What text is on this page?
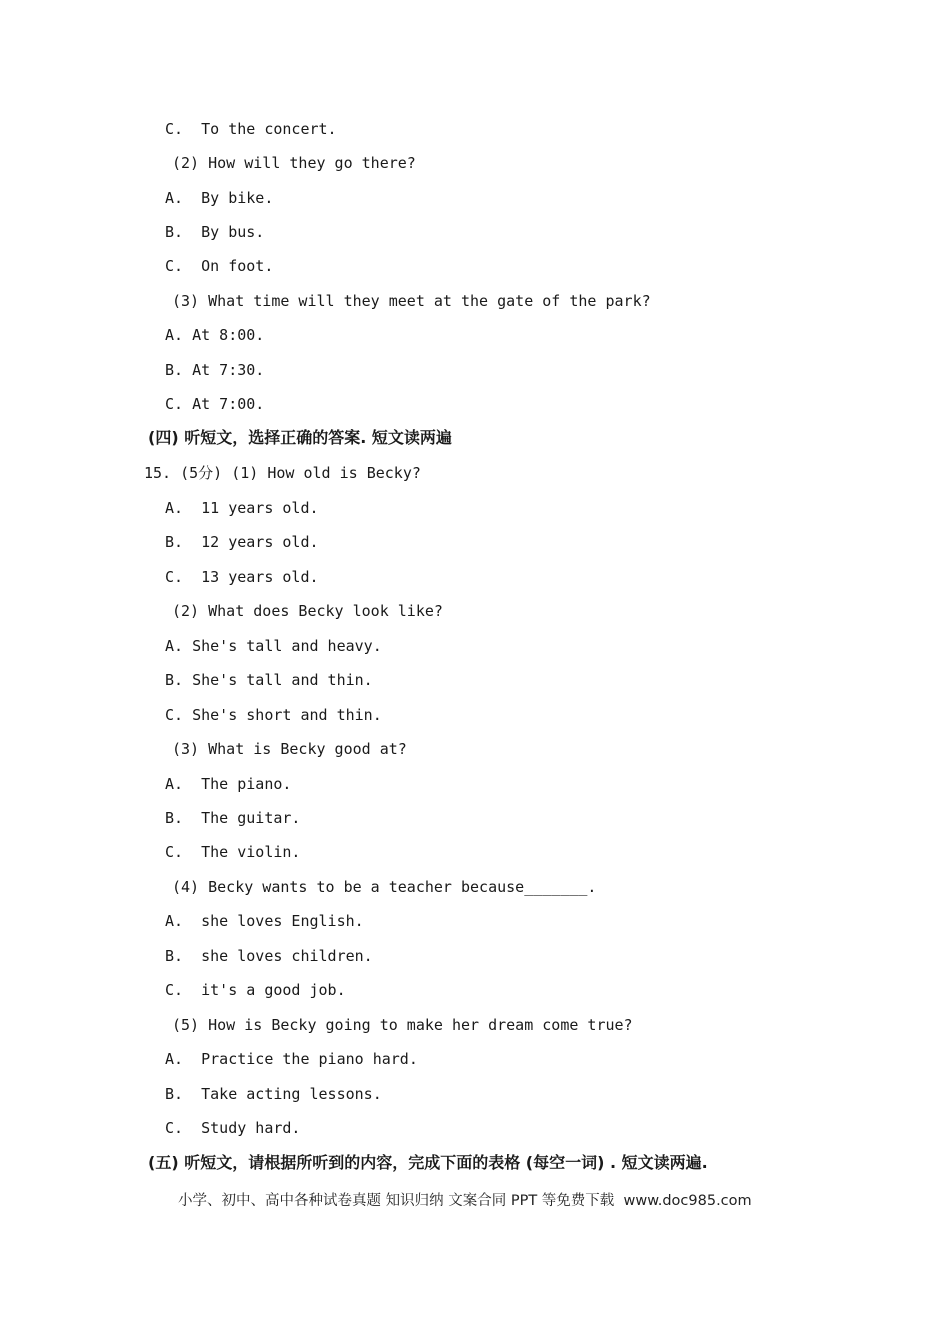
C.  To the concert.
(2) How will they go there?
A.  By bike.
B.  By bus.
C.  On foot.
(3) What time will they meet at the gate of the park?
A. At 8:00.
B. At 7:30.
C. At 7:00.
(四) 听短文，选择正确的答案. 短文读两遍
15. (5分) (1) How old is Becky?
A.  11 years old.
B.  12 years old.
C.  13 years old.
(2) What does Becky look like?
A. She's tall and heavy.
B. She's tall and thin.
C. She's short and thin.
(3) What is Becky good at?
A.  The piano.
B.  The guitar.
C.  The violin.
(4) Becky wants to be a teacher because_______.
A.  she loves English.
B.  she loves children.
C.  it's a good job.
(5) How is Becky going to make her dream come true?
A.  Practice the piano hard.
B.  Take acting lessons.
C.  Study hard.
(五) 听短文，请根据所听到的内容，完成下面的表格 (每空一词) . 短文读两遍.
小学、初中、高中各种试卷真题 知识归纳 文案合同 PPT 等免费下载  www.doc985.com
